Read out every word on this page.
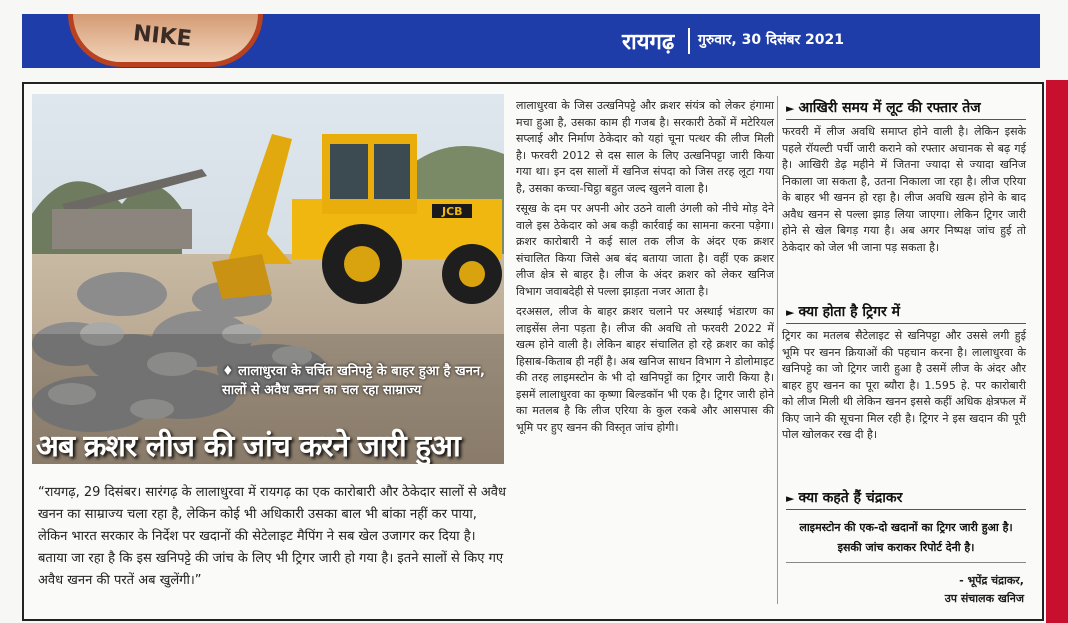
NIKE	रायगढ़ गुरुवार, 30 दिसंबर 2021
JCB
♦ लालाधुरवा के चर्चित खनिपट्टे के बाहर हुआ है खनन,
सालों से अवैध खनन का चल रहा साम्राज्य
अब क्रशर लीज की जांच करने जारी हुआ
“रायगढ़, 29 दिसंबर। सारंगढ़ के लालाधुरवा में रायगढ़ का एक कारोबारी और ठेकेदार सालों से अवैध खनन का साम्राज्य चला रहा है, लेकिन कोई भी अधिकारी उसका बाल भी बांका नहीं कर पाया, लेकिन भारत सरकार के निर्देश पर खदानों की सेटेलाइट मैपिंग ने सब खेल उजागर कर दिया है। बताया जा रहा है कि इस खनिपट्टे की जांच के लिए भी ट्रिगर जारी हो गया है। इतने सालों से किए गए अवैध खनन की परतें अब खुलेंगी।”

लालाधुरवा के जिस उत्खनिपट्टे और क्रशर संयंत्र को लेकर हंगामा मचा हुआ है, उसका काम ही गजब है। सरकारी ठेकों में मटेरियल सप्लाई और निर्माण ठेकेदार को यहां चूना पत्थर की लीज मिली है। फरवरी 2012 से दस साल के लिए उत्खनिपट्टा जारी किया गया था। इन दस सालों में खनिज संपदा को जिस तरह लूटा गया है, उसका कच्चा-चिट्ठा बहुत जल्द खुलने वाला है।

रसूख के दम पर अपनी ओर उठने वाली उंगली को नीचे मोड़ देने वाले इस ठेकेदार को अब कड़ी कार्रवाई का सामना करना पड़ेगा। क्रशर कारोबारी ने कई साल तक लीज के अंदर एक क्रशर संचालित किया जिसे अब बंद बताया जाता है। वहीं एक क्रशर लीज क्षेत्र से बाहर है। लीज के अंदर क्रशर को लेकर खनिज विभाग जवाबदेही से पल्ला झाड़ता नजर आता है।

दरअसल, लीज के बाहर क्रशर चलाने पर अस्थाई भंडारण का लाइसेंस लेना पड़ता है। लीज की अवधि तो फरवरी 2022 में खत्म होने वाली है। लेकिन बाहर संचालित हो रहे क्रशर का कोई हिसाब-किताब ही नहीं है। अब खनिज साधन विभाग ने डोलोमाइट की तरह लाइमस्टोन के भी दो खनिपट्टों का ट्रिगर जारी किया है। इसमें लालाधुरवा का कृष्णा बिल्डकॉन भी एक है। ट्रिगर जारी होने का मतलब है कि लीज एरिया के कुल रकबे और आसपास की भूमि पर हुए खनन की विस्तृत जांच होगी।

► आखिरी समय में लूट की रफ्तार तेज

फरवरी में लीज अवधि समाप्त होने वाली है। लेकिन इसके पहले रॉयल्टी पर्ची जारी कराने को रफ्तार अचानक से बढ़ गई है। आखिरी डेढ़ महीने में जितना ज्यादा से ज्यादा खनिज निकाला जा सकता है, उतना निकाला जा रहा है। लीज एरिया के बाहर भी खनन हो रहा है। लीज अवधि खत्म होने के बाद अवैध खनन से पल्ला झाड़ लिया जाएगा। लेकिन ट्रिगर जारी होने से खेल बिगड़ गया है। अब अगर निष्पक्ष जांच हुई तो ठेकेदार को जेल भी जाना पड़ सकता है।

► क्या होता है ट्रिगर में

ट्रिगर का मतलब सैटेलाइट से खनिपट्टा और उससे लगी हुई भूमि पर खनन क्रियाओं की पहचान करना है। लालाधुरवा के खनिपट्टे का जो ट्रिगर जारी हुआ है उसमें लीज के अंदर और बाहर हुए खनन का पूरा ब्यौरा है। 1.595 हे. पर कारोबारी को लीज मिली थी लेकिन खनन इससे कहीं अधिक क्षेत्रफल में किए जाने की सूचना मिल रही है। ट्रिगर ने इस खदान की पूरी पोल खोलकर रख दी है।

► क्या कहते हैं चंद्राकर
लाइमस्टोन की एक-दो खदानों का ट्रिगर जारी हुआ है। इसकी जांच कराकर रिपोर्ट देनी है।
- भूपेंद्र चंद्राकर,
उप संचालक खनिज
